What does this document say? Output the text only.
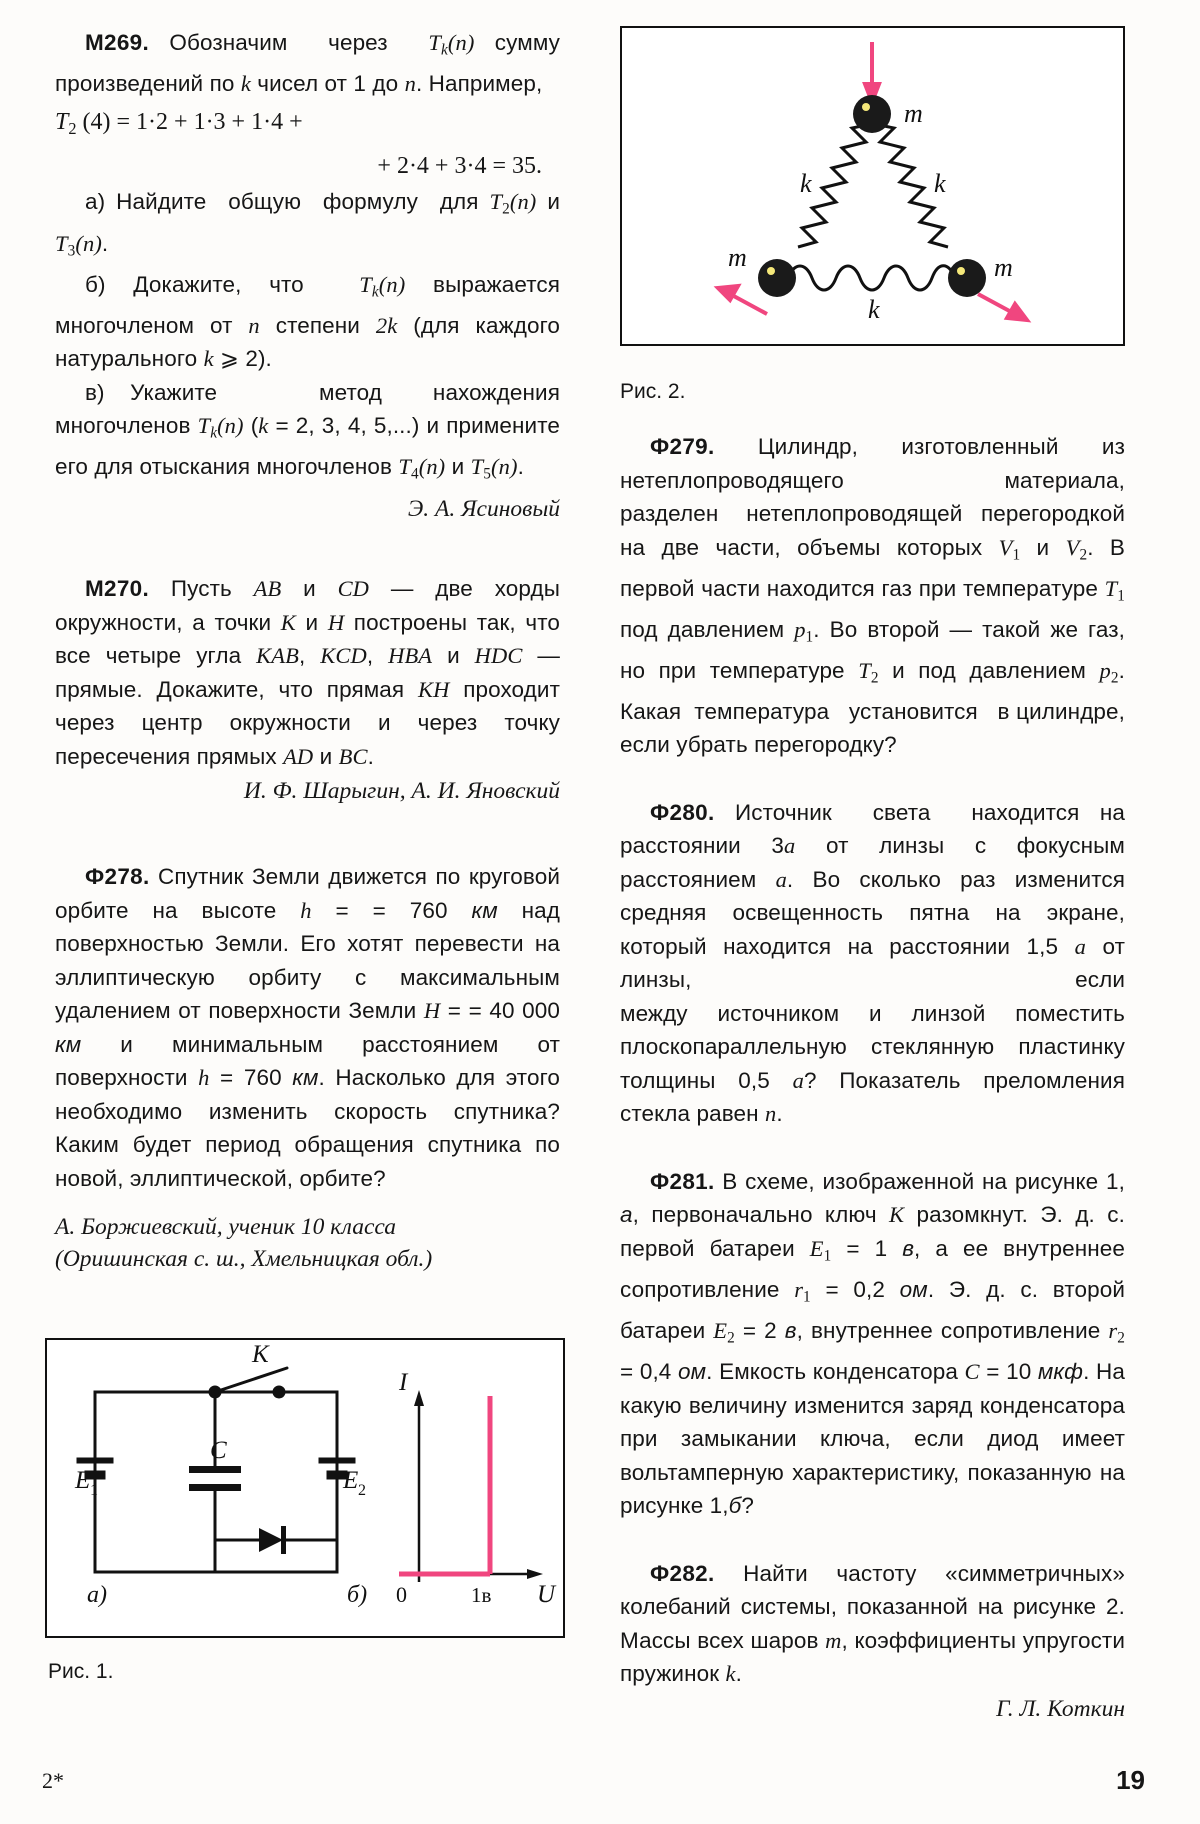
M269. Обозначим  через  $T_k(n)$ сумму произведений по k чисел от 1 до n. Например,

$T_2$ (4) = 1·2 + 1·3 + 1·4 +
+ 2·4 + 3·4 = 35.

а) Найдите  общую  формулу  для $T_2(n)$ и $T_3(n)$.

б) Докажите, что  $T_k(n)$ выражается многочленом от n степени 2k (для каждого натурального k ⩾ 2).

в) Укажите    метод  нахождения многочленов $T_k(n) (k = 2$, 3, 4, 5,...) и примените его для отыскания многочленов $T_4(n)$ и $T_5(n)$.

Э. А. Ясиновый

M270. Пусть AB и CD — две хорды окружности, а точки K и H построены так, что все четыре угла KAB, KCD, HBA и HDC — прямые. Докажите, что прямая KH проходит через центр окружности и через точку пересечения прямых AD и BC.

И. Ф. Шарыгин, А. И. Яновский

Ф278. Спутник Земли движется по круговой орбите на высоте h = = 760 км над поверхностью Земли. Его хотят перевести на эллиптическую орбиту с максимальным удалением от поверхности Земли H = = 40 000 км и минимальным расстоянием от поверхности h = 760 км. Насколько для этого необходимо изменить скорость спутника? Каким будет период обращения спутника по новой, эллиптической, орбите?

А. Боржиевский, ученик 10 класса
(Оришинская с. ш., Хмельницкая обл.)
E 1	E 2
C
K
а)	б)
I
U
0	1в
Рис. 1.
m
m	m
k	k
k
Рис. 2.

Ф279. Цилиндр, изготовленный из нетеплопроводящего материала, разделен   нетеплопроводящей  перегородкой на две части, объемы которых $V_1$ и $V_2$. В первой части находится газ при температуре $T_1$ под давлением $p_1$. Во второй — такой же газ, но при температуре $T_2$ и под давлением $p_2$. Какая  температура   установится   в цилиндре, если убрать перегородку?

Ф280. Источник  света  находится на расстоянии 3a от линзы с фокусным расстоянием a. Во сколько раз изменится средняя освещенность пятна на экране, который находится на расстоянии 1,5 a от линзы, если между  источником  и  линзой  поместить плоскопараллельную стеклянную пластинку толщины 0,5 a? Показатель преломления стекла равен n.

Ф281. В схеме, изображенной на рисунке 1, а, первоначально ключ K разомкнут. Э. д. с. первой батареи $E_1 = 1$ в, а ее внутреннее сопротивление $r_1 = 0,2$ ом. Э. д. с. второй батареи $E_2 = 2$ в, внутреннее сопротивление $r_2 = 0,4$ ом. Емкость конденсатора C = 10 мкф. На какую величину изменится заряд конденсатора при замыкании ключа, если диод имеет вольтамперную характеристику, показанную на рисунке 1,б?

Ф282. Найти частоту «симметричных» колебаний системы, показанной на рисунке 2. Массы всех шаров m, коэффициенты упругости пружинок k.

Г. Л. Коткин
2*	19
